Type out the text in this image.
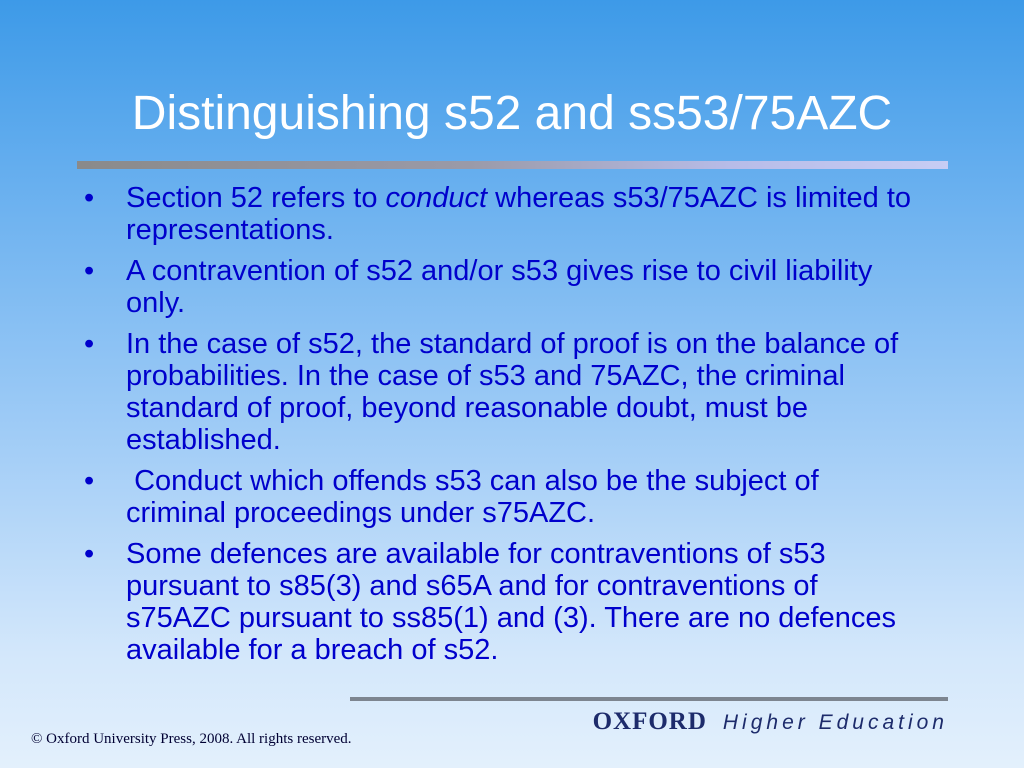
Distinguishing s52 and ss53/75AZC
•	Section 52 refers to conduct whereas s53/75AZC is limited to representations.
•	A contravention of s52 and/or s53 gives rise to civil liability only.
•	In the case of s52, the standard of proof is on the balance of probabilities. In the case of s53 and 75AZC, the criminal standard of proof, beyond reasonable doubt, must be established.
•	Conduct which offends s53 can also be the subject of criminal proceedings under s75AZC.
•	Some defences are available for contraventions of s53 pursuant to s85(3) and s65A and for contraventions of s75AZC pursuant to ss85(1) and (3). There are no defences available for a breach of s52.
OXFORD Higher Education
© Oxford University Press, 2008. All rights reserved.
